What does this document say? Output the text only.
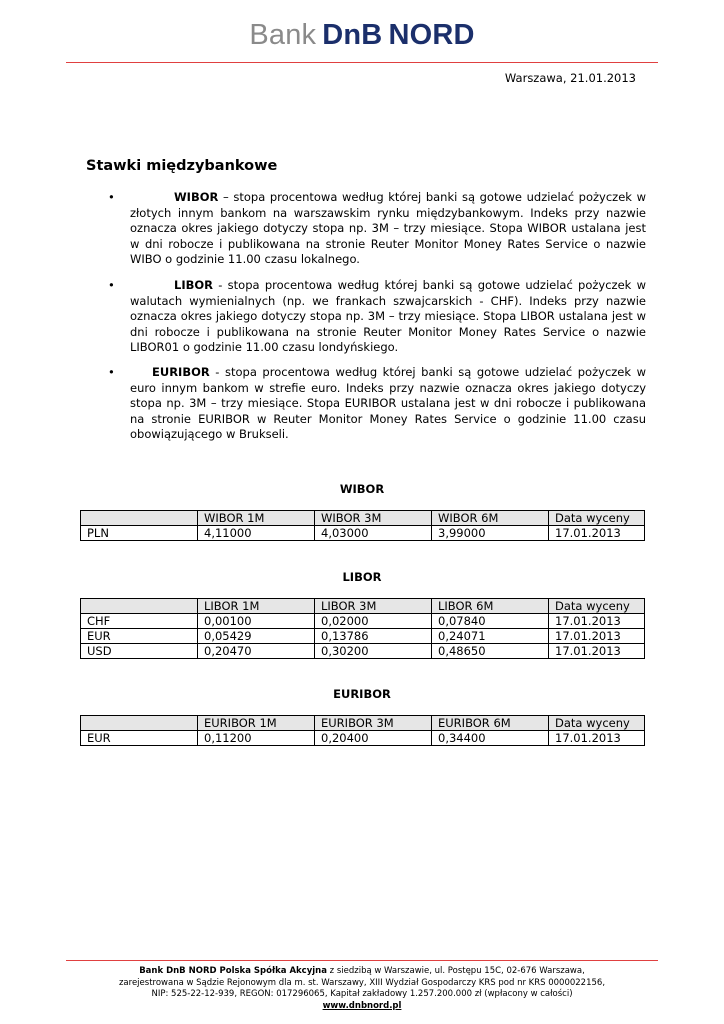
Bank DnB NORD
Warszawa, 21.01.2013
Stawki międzybankowe
•	WIBOR – stopa procentowa według której banki są gotowe udzielać pożyczek w złotych innym bankom na warszawskim rynku międzybankowym. Indeks przy nazwie oznacza okres jakiego dotyczy stopa np. 3M – trzy miesiące. Stopa WIBOR ustalana jest w dni robocze i publikowana na stronie Reuter Monitor Money Rates Service o nazwie WIBO o godzinie 11.00 czasu lokalnego.
•	LIBOR - stopa procentowa według której banki są gotowe udzielać pożyczek w walutach wymienialnych (np. we frankach szwajcarskich - CHF). Indeks przy nazwie oznacza okres jakiego dotyczy stopa np. 3M – trzy miesiące. Stopa LIBOR ustalana jest w dni robocze i publikowana na stronie Reuter Monitor Money Rates Service o nazwie LIBOR01 o godzinie 11.00 czasu londyńskiego.
•	EURIBOR - stopa procentowa według której banki są gotowe udzielać pożyczek w euro innym bankom w strefie euro. Indeks przy nazwie oznacza okres jakiego dotyczy stopa np. 3M – trzy miesiące. Stopa EURIBOR ustalana jest w dni robocze i publikowana na stronie EURIBOR w Reuter Monitor Money Rates Service o godzinie 11.00 czasu obowiązującego w Brukseli.
WIBOR
	WIBOR 1M	WIBOR 3M	WIBOR 6M	Data wyceny
PLN	4,11000	4,03000	3,99000	17.01.2013
LIBOR
	LIBOR 1M	LIBOR 3M	LIBOR 6M	Data wyceny
CHF	0,00100	0,02000	0,07840	17.01.2013
EUR	0,05429	0,13786	0,24071	17.01.2013
USD	0,20470	0,30200	0,48650	17.01.2013
EURIBOR
	EURIBOR 1M	EURIBOR 3M	EURIBOR 6M	Data wyceny
EUR	0,11200	0,20400	0,34400	17.01.2013
Bank DnB NORD Polska Spółka Akcyjna z siedzibą w Warszawie, ul. Postępu 15C, 02-676 Warszawa,
zarejestrowana w Sądzie Rejonowym dla m. st. Warszawy, XIII Wydział Gospodarczy KRS pod nr KRS 0000022156,
NIP: 525-22-12-939, REGON: 017296065, Kapitał zakładowy 1.257.200.000 zł (wpłacony w całości)
www.dnbnord.pl
